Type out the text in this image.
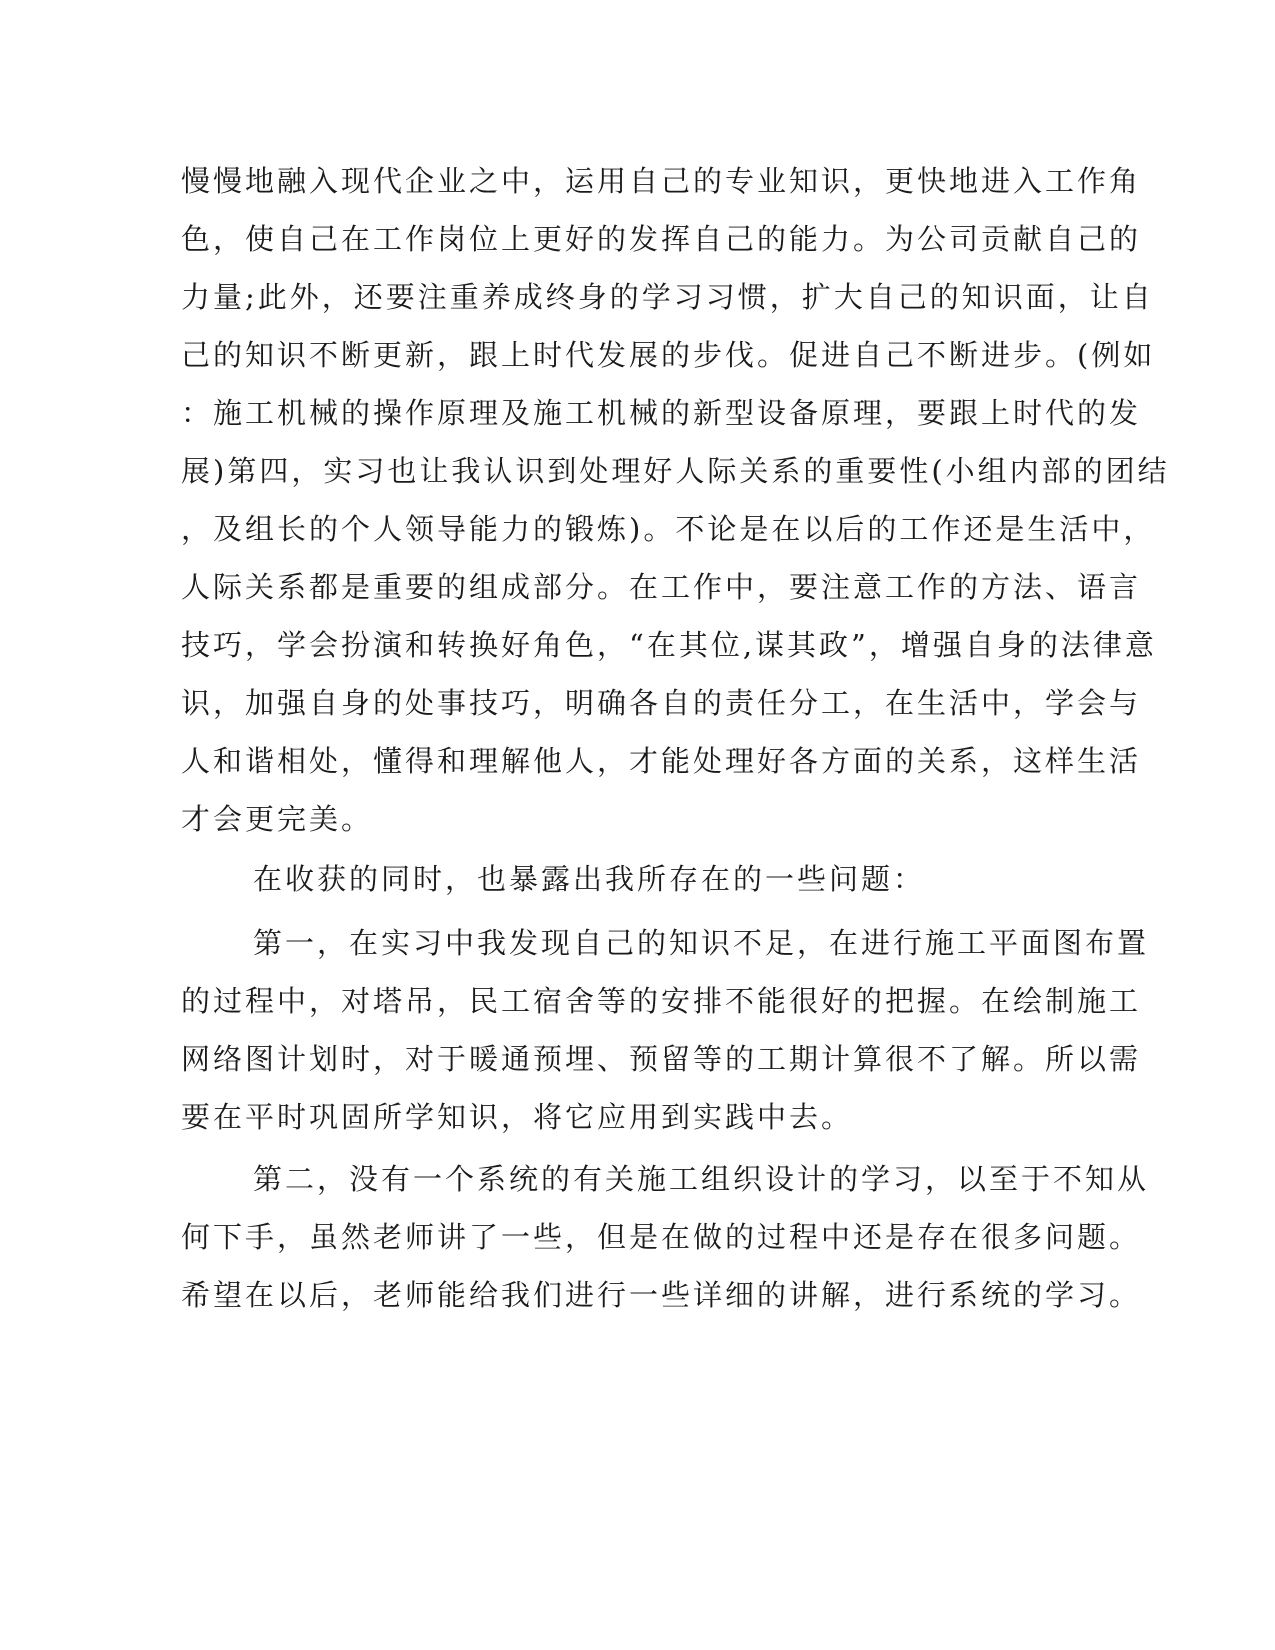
慢慢地融入现代企业之中，运用自己的专业知识，更快地进入工作角
色，使自己在工作岗位上更好的发挥自己的能力。为公司贡献自己的
力量;此外，还要注重养成终身的学习习惯，扩大自己的知识面，让自
己的知识不断更新，跟上时代发展的步伐。促进自己不断进步。(例如
：施工机械的操作原理及施工机械的新型设备原理，要跟上时代的发
展)第四，实习也让我认识到处理好人际关系的重要性(小组内部的团结
，及组长的个人领导能力的锻炼)。不论是在以后的工作还是生活中，
人际关系都是重要的组成部分。在工作中，要注意工作的方法、语言
技巧，学会扮演和转换好角色，“在其位,谋其政”，增强自身的法律意
识，加强自身的处事技巧，明确各自的责任分工，在生活中，学会与
人和谐相处，懂得和理解他人，才能处理好各方面的关系，这样生活
才会更完美。
在收获的同时，也暴露出我所存在的一些问题：
第一，在实习中我发现自己的知识不足，在进行施工平面图布置
的过程中，对塔吊，民工宿舍等的安排不能很好的把握。在绘制施工
网络图计划时，对于暖通预埋、预留等的工期计算很不了解。所以需
要在平时巩固所学知识，将它应用到实践中去。
第二，没有一个系统的有关施工组织设计的学习，以至于不知从
何下手，虽然老师讲了一些，但是在做的过程中还是存在很多问题。
希望在以后，老师能给我们进行一些详细的讲解，进行系统的学习。
